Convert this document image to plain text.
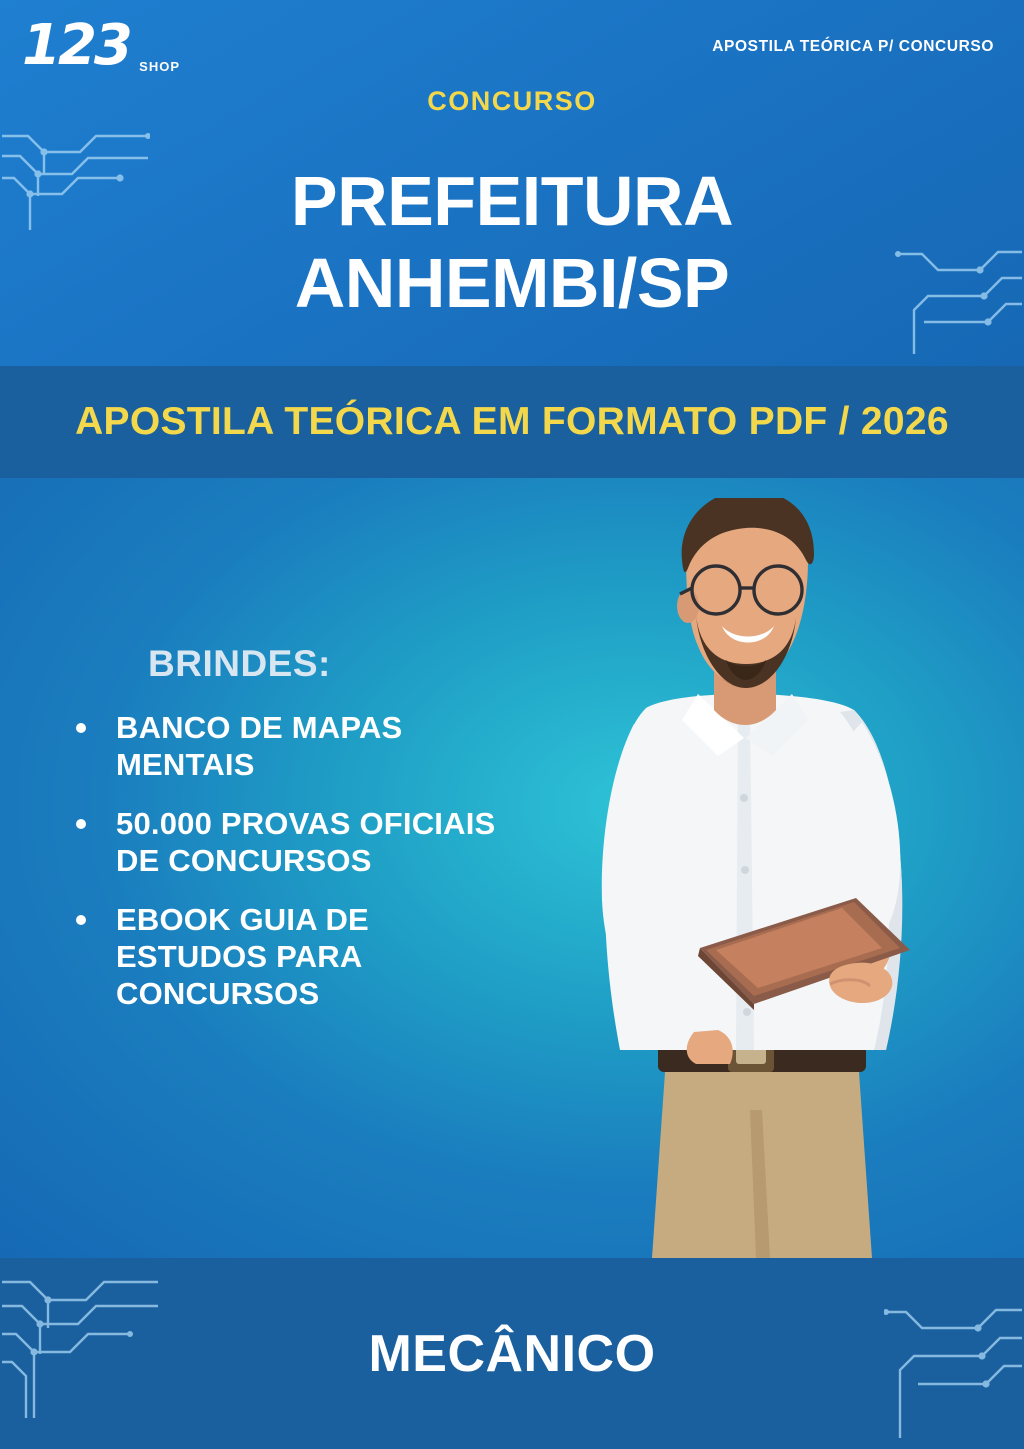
123 SHOP
APOSTILA TEÓRICA P/ CONCURSO
CONCURSO
PREFEITURA
ANHEMBI/SP
APOSTILA TEÓRICA EM FORMATO PDF / 2026
BRINDES:
BANCO DE MAPAS MENTAIS
50.000 PROVAS OFICIAIS DE CONCURSOS
EBOOK GUIA DE ESTUDOS PARA CONCURSOS
MECÂNICO
